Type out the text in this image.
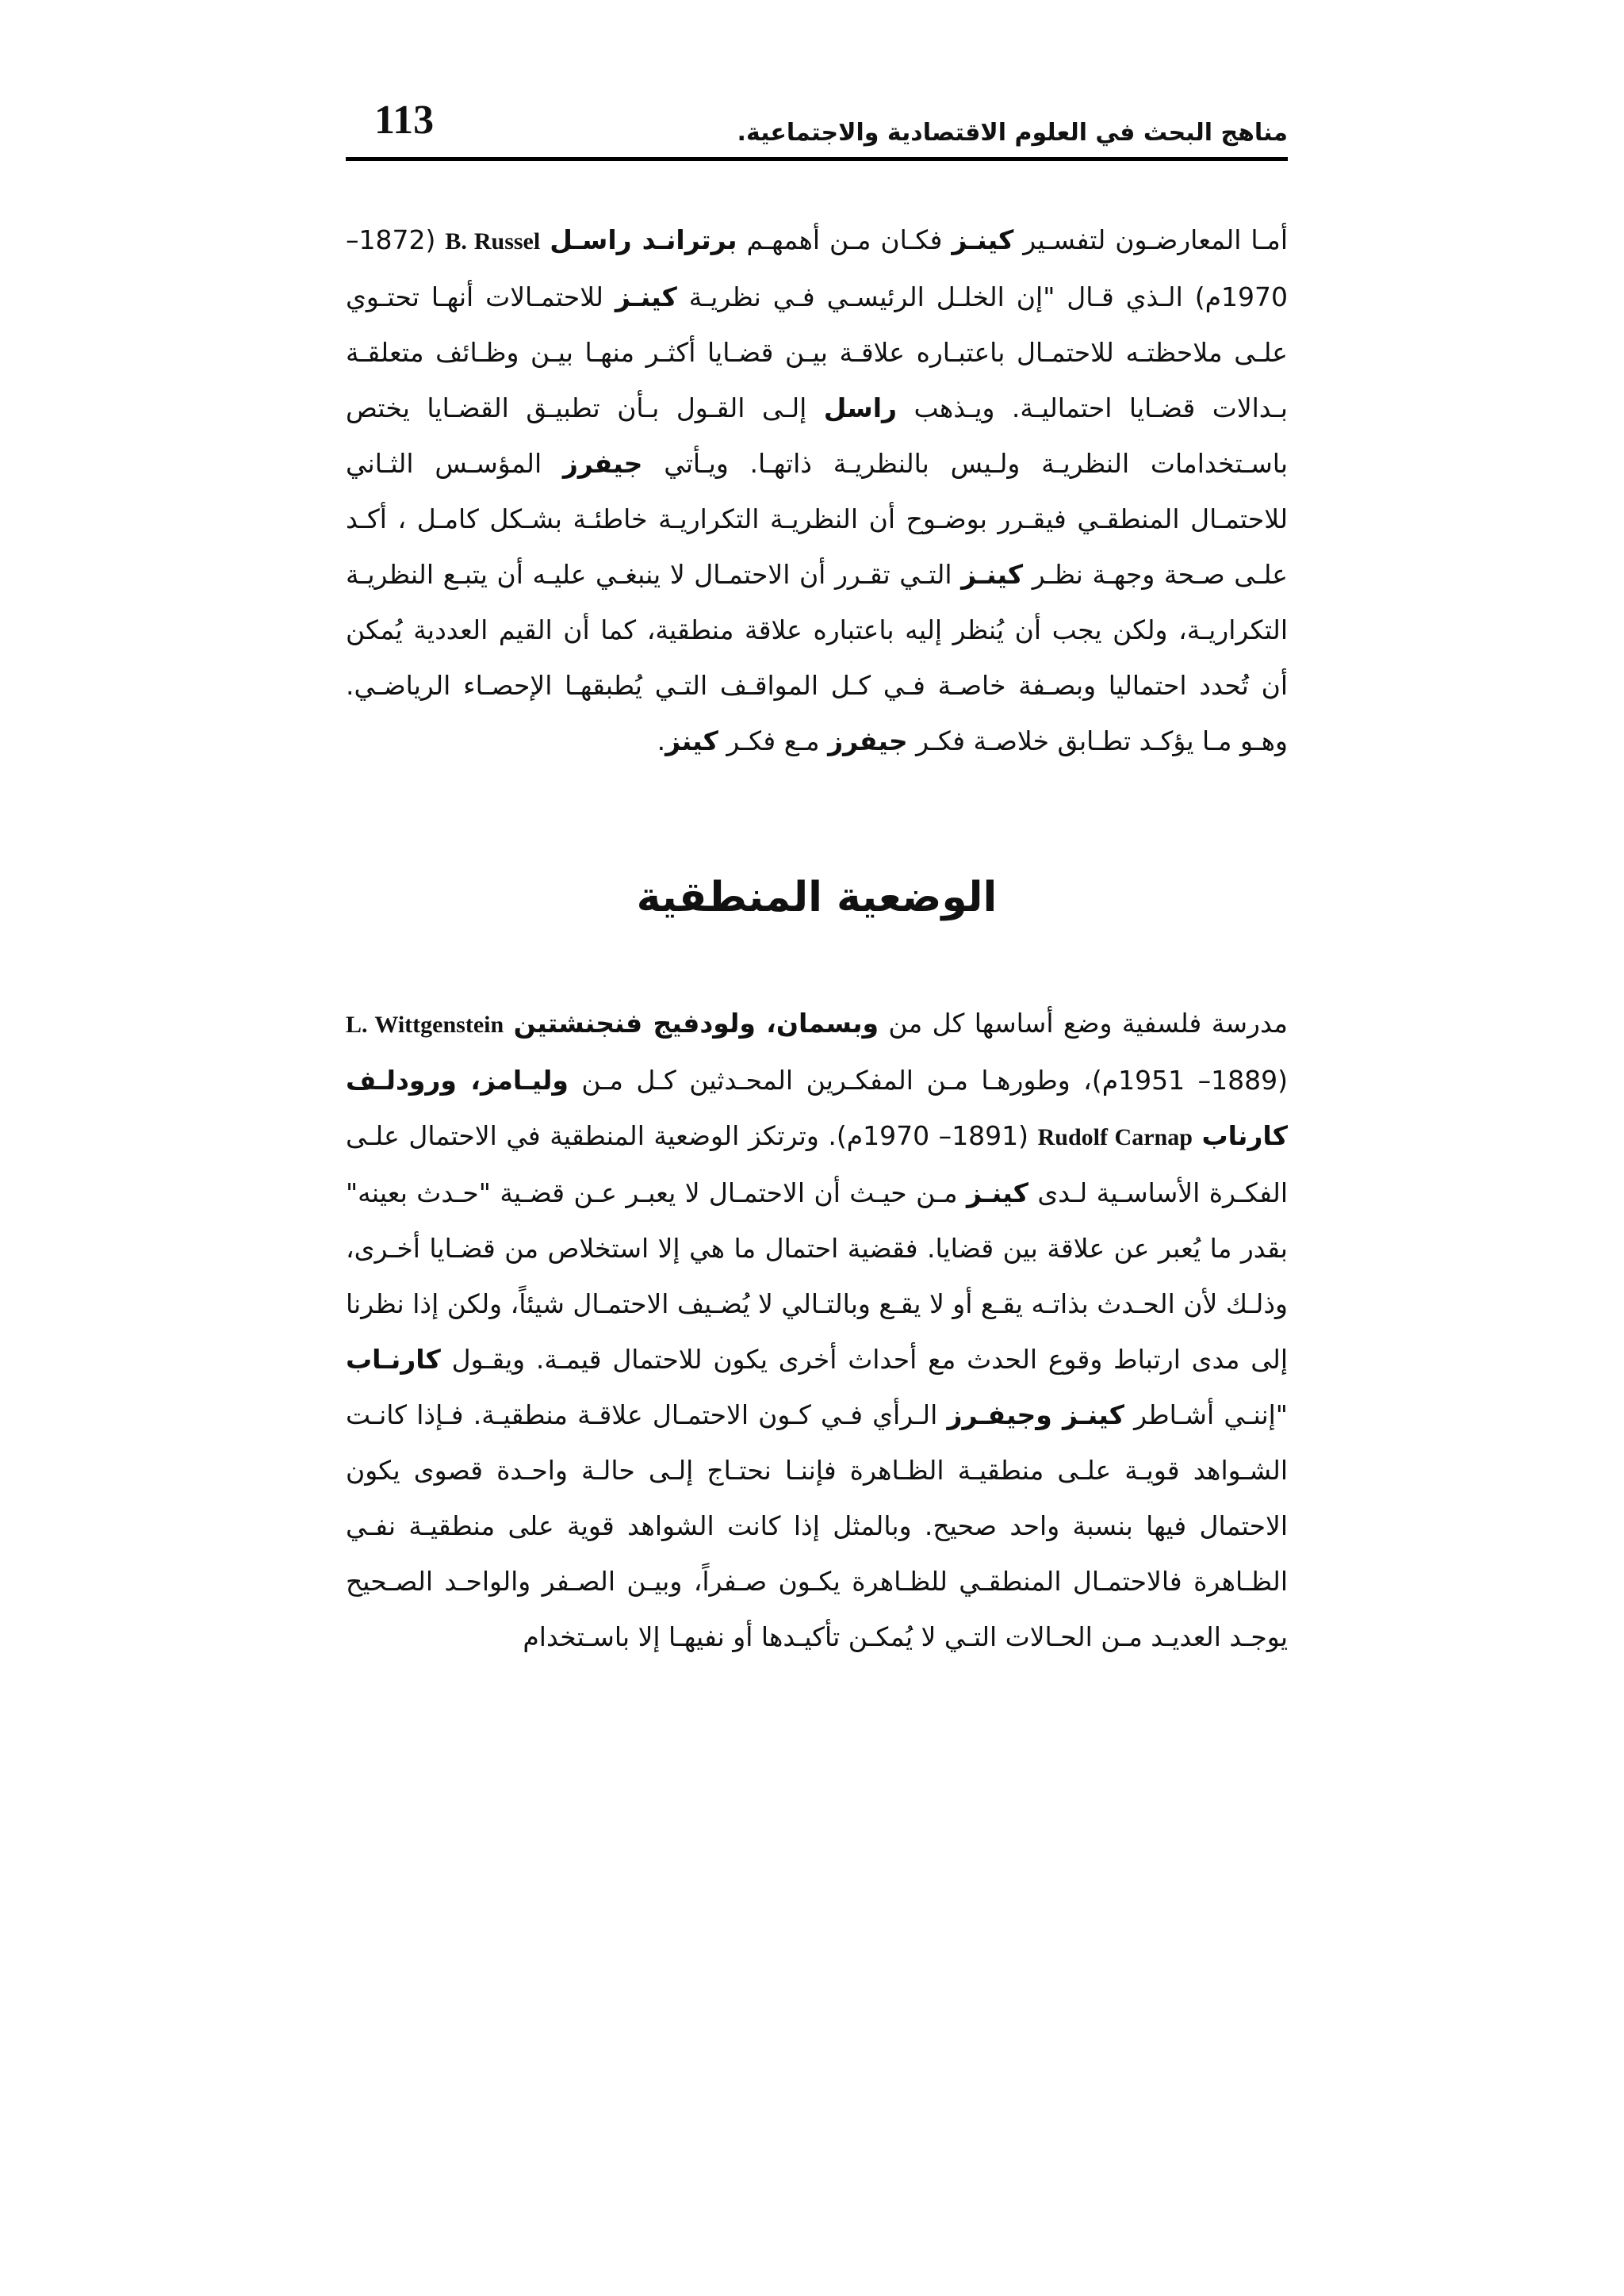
113	مناهج البحث في العلوم الاقتصادية والاجتماعية.

أمـا المعارضـون لتفسـير كينـز فكـان مـن أهمهـم برترانـد راسـل B. Russel (1872– 1970م) الـذي قـال "إن الخلـل الرئيسـي فـي نظريـة كينـز للاحتمـالات أنهـا تحتـوي علـى ملاحظتـه للاحتمـال باعتبـاره علاقـة بيـن قضـايا أكثـر منهـا بيـن وظـائف متعلقـة بـدالات قضـايا احتماليـة. ويـذهب راسل إلـى القـول بـأن تطبيـق القضـايا يختص باسـتخدامات النظريـة ولـيس بالنظريـة ذاتهـا. ويـأتي جيفرز المؤسـس الثـاني للاحتمـال المنطقـي فيقـرر بوضـوح أن النظريـة التكراريـة خاطئـة بشـكل كامـل ، أكـد علـى صـحة وجهـة نظـر كينـز التـي تقـرر أن الاحتمـال لا ينبغـي عليـه أن يتبـع النظريـة التكراريـة، ولكن يجب أن يُنظر إليه باعتباره علاقة منطقية، كما أن القيم العددية يُمكن أن تُحدد احتماليا وبصـفة خاصـة فـي كـل المواقـف التـي يُطبقهـا الإحصـاء الرياضـي. وهـو مـا يؤكـد تطـابق خلاصـة فكـر جيفرز مـع فكـر كينز.

الوضعية المنطقية

مدرسة فلسفية وضع أساسها كل من وبسمان، ولودفيج فنجنشتين L. Wittgenstein (1889– 1951م)، وطورهـا مـن المفكـرين المحـدثين كـل مـن وليـامز، ورودلـف كارناب Rudolf Carnap (1891– 1970م). وترتكز الوضعية المنطقية في الاحتمال علـى الفكـرة الأساسـية لـدى كينـز مـن حيـث أن الاحتمـال لا يعبـر عـن قضـية "حـدث بعينه" بقدر ما يُعبر عن علاقة بين قضايا. فقضية احتمال ما هي إلا استخلاص من قضـايا أخـرى، وذلـك لأن الحـدث بذاتـه يقـع أو لا يقـع وبالتـالي لا يُضـيف الاحتمـال شيئاً، ولكن إذا نظرنا إلى مدى ارتباط وقوع الحدث مع أحداث أخرى يكون للاحتمال قيمـة. ويقـول كارنـاب "إننـي أشـاطر كينـز وجيفـرز الـرأي فـي كـون الاحتمـال علاقـة منطقيـة. فـإذا كانـت الشـواهد قويـة علـى منطقيـة الظـاهرة فإننـا نحتـاج إلـى حالـة واحـدة قصوى يكون الاحتمال فيها بنسبة واحد صحيح. وبالمثل إذا كانت الشواهد قوية على منطقيـة نفـي الظـاهرة فالاحتمـال المنطقـي للظـاهرة يكـون صـفراً، وبيـن الصـفر والواحـد الصـحيح يوجـد العديـد مـن الحـالات التـي لا يُمكـن تأكيـدها أو نفيهـا إلا باسـتخدام
